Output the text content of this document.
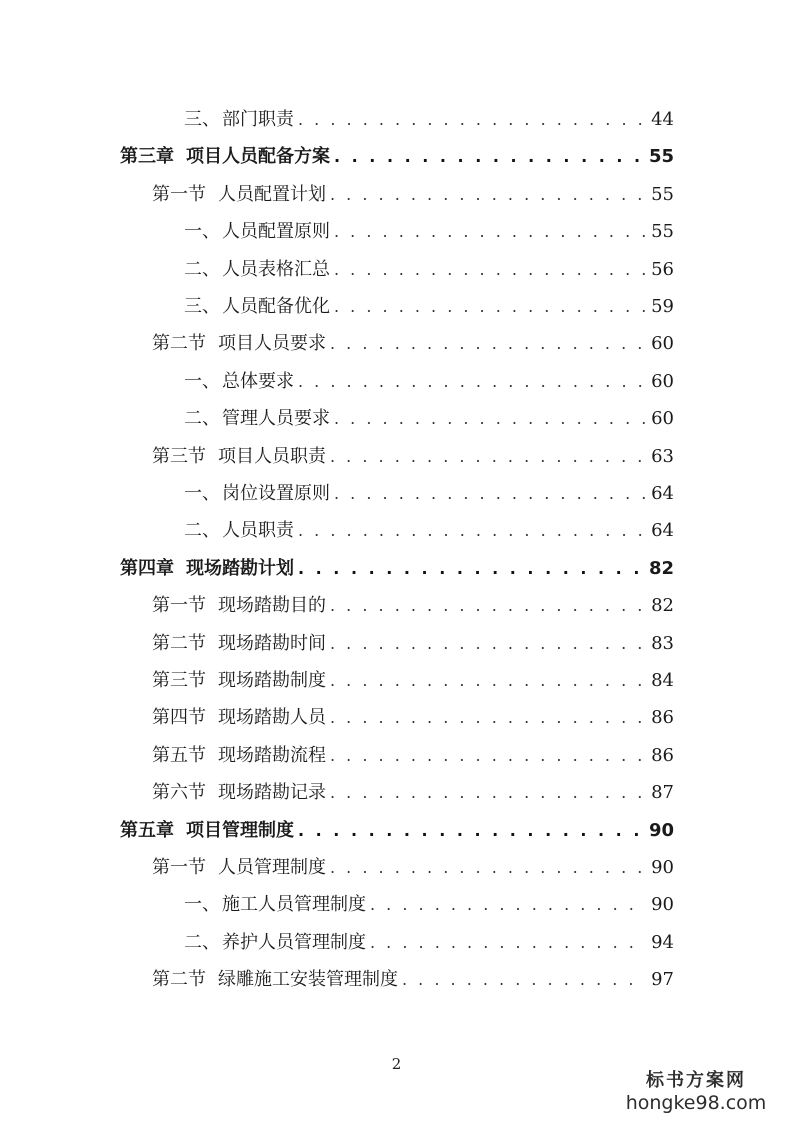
三、 部门职责 . . .	44
第三章 项目人员配备方案 . . .	55
第一节 人员配置计划 . . .	55
一、 人员配置原则 . . .	55
二、 人员表格汇总 . . .	56
三、 人员配备优化 . . .	59
第二节 项目人员要求 . . .	60
一、 总体要求 . . .	60
二、 管理人员要求 . . .	60
第三节 项目人员职责 . . .	63
一、 岗位设置原则 . . .	64
二、 人员职责 . . .	64
第四章 现场踏勘计划 . . .	82
第一节 现场踏勘目的 . . .	82
第二节 现场踏勘时间 . . .	83
第三节 现场踏勘制度 . . .	84
第四节 现场踏勘人员 . . .	86
第五节 现场踏勘流程 . . .	86
第六节 现场踏勘记录 . . .	87
第五章 项目管理制度 . . .	90
第一节 人员管理制度 . . .	90
一、 施工人员管理制度 . . .	90
二、 养护人员管理制度 . . .	94
第二节 绿雕施工安装管理制度 . . .	97
2
标书方案网
hongke98.com
